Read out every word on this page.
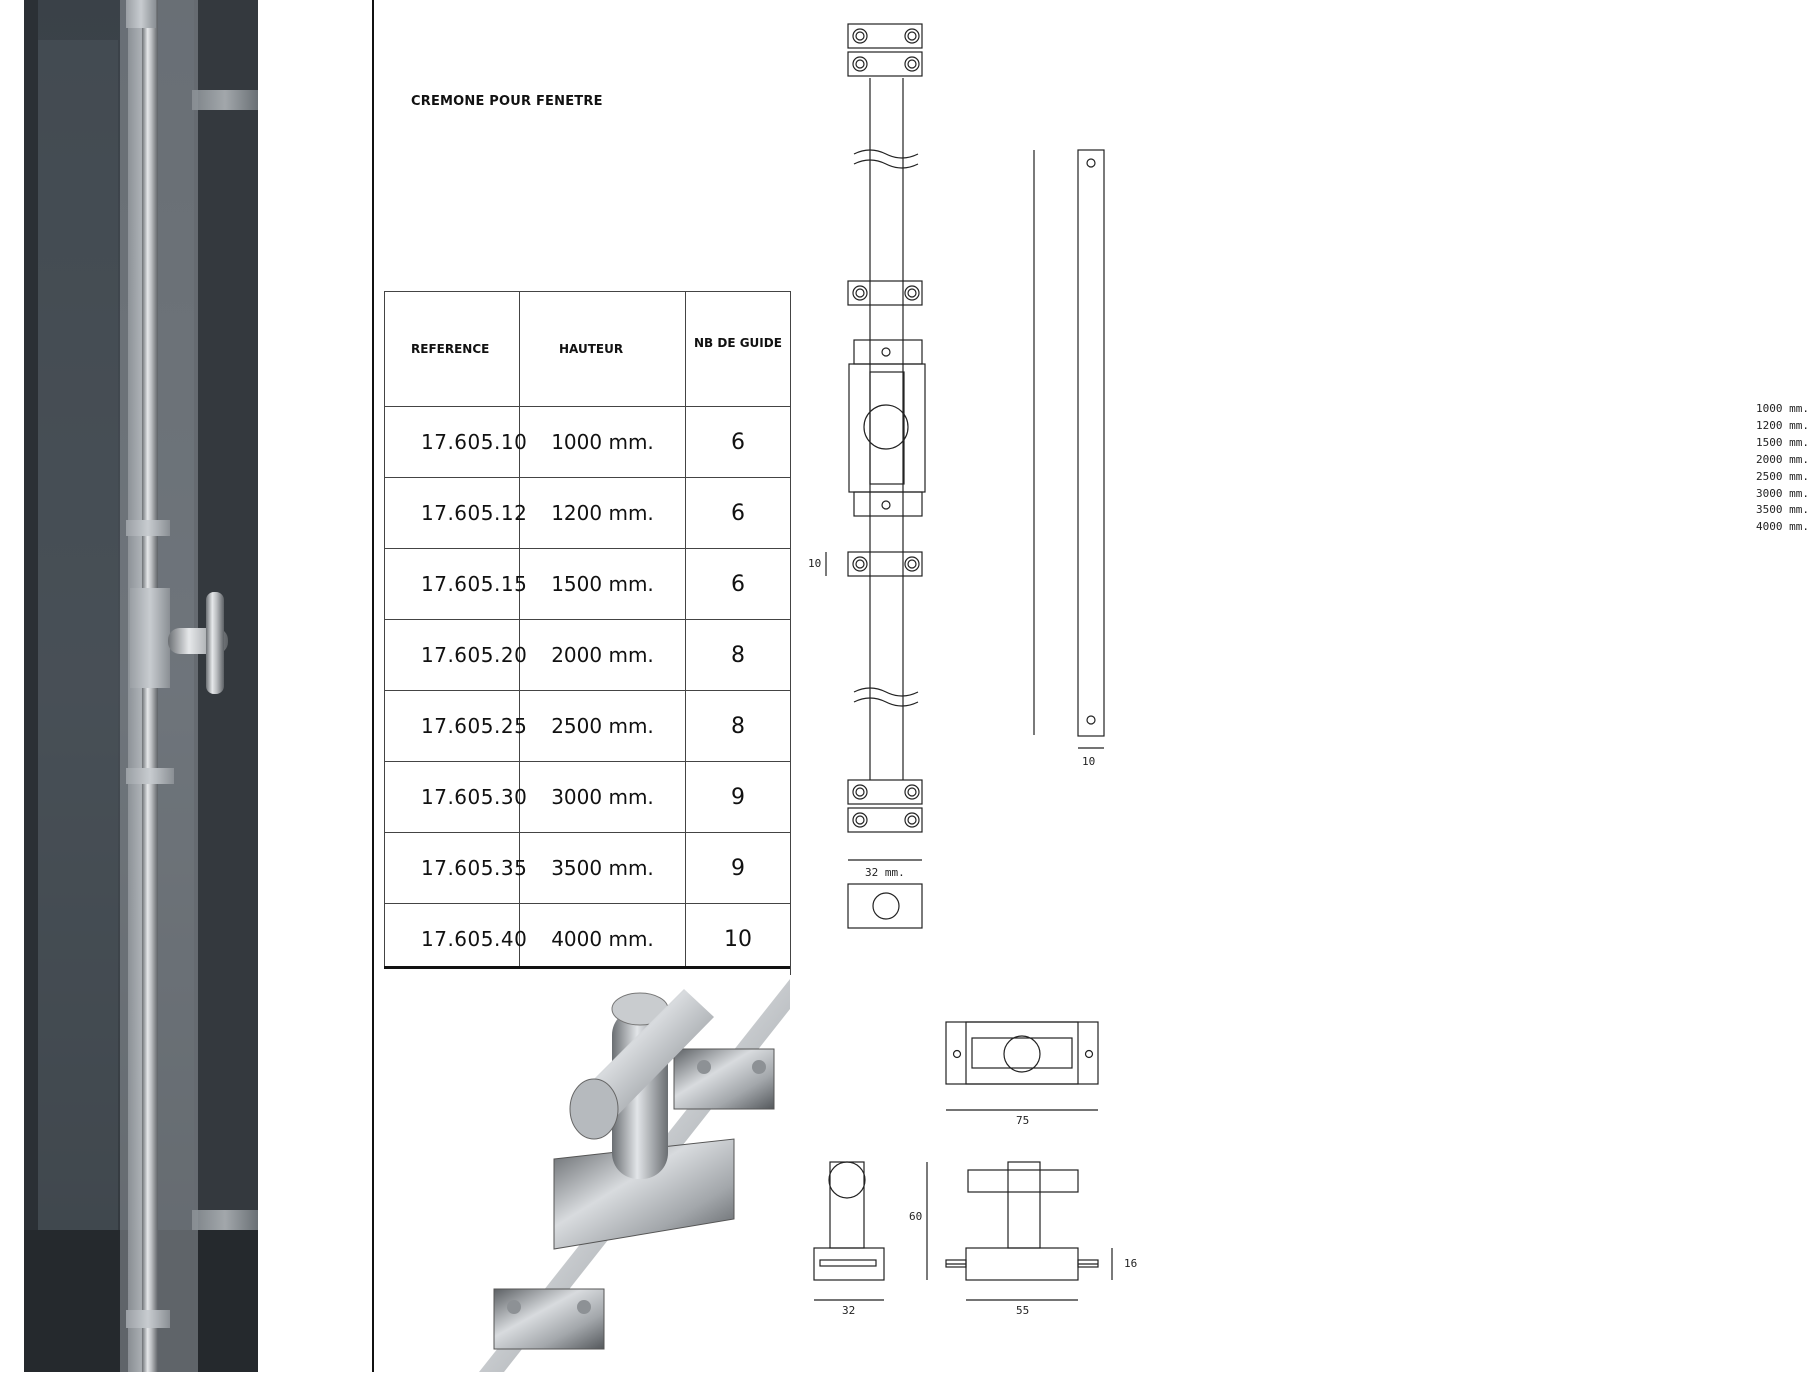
CREMONE POUR FENETRE
REFERENCE	HAUTEUR	NB DE GUIDE
17.605.10	1000 mm.	6
17.605.12	1200 mm.	6
17.605.15	1500 mm.	6
17.605.20	2000 mm.	8
17.605.25	2500 mm.	8
17.605.30	3000 mm.	9
17.605.35	3500 mm.	9
17.605.40	4000 mm.	10
1000 mm.
1200 mm.
1500 mm.
2000 mm.
2500 mm.
3000 mm.
3500 mm.
4000 mm.
10
10
32 mm.
75
60
32	55
16
